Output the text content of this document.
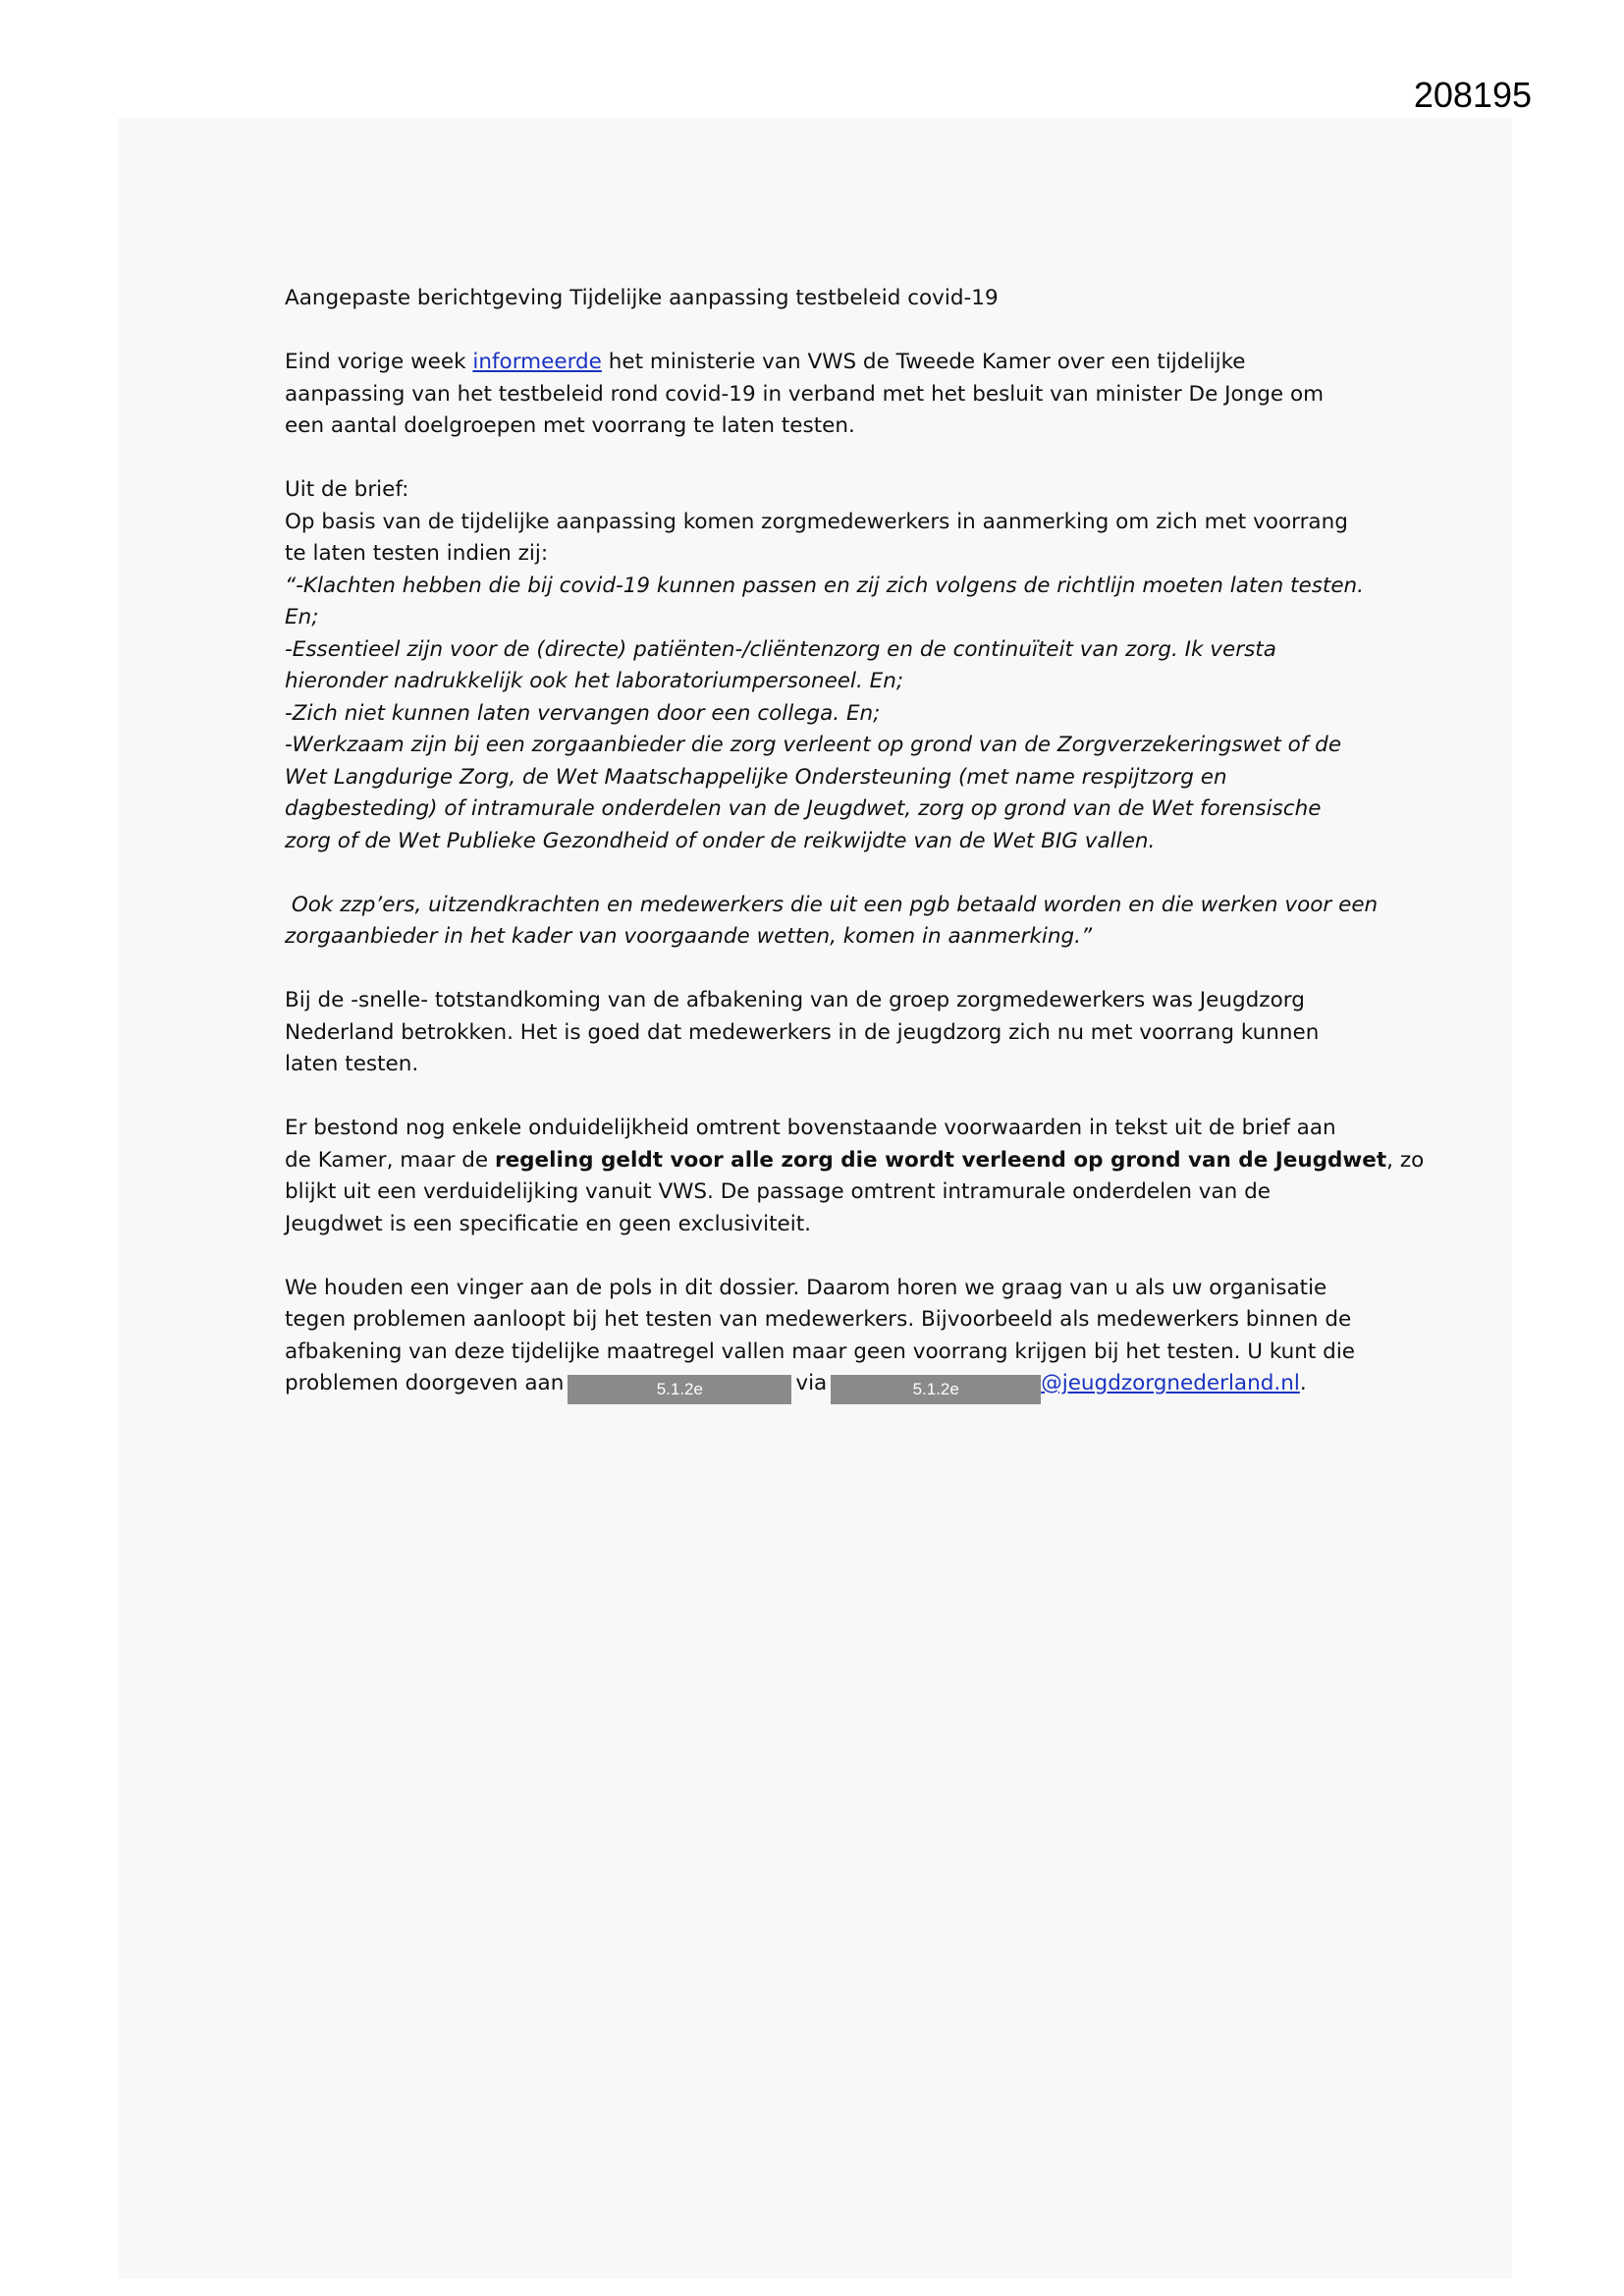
208195
Aangepaste berichtgeving Tijdelijke aanpassing testbeleid covid-19
Eind vorige week informeerde het ministerie van VWS de Tweede Kamer over een tijdelijke
aanpassing van het testbeleid rond covid-19 in verband met het besluit van minister De Jonge om
een aantal doelgroepen met voorrang te laten testen.
Uit de brief:
Op basis van de tijdelijke aanpassing komen zorgmedewerkers in aanmerking om zich met voorrang
te laten testen indien zij:
“-Klachten hebben die bij covid-19 kunnen passen en zij zich volgens de richtlijn moeten laten testen.
En;
-Essentieel zijn voor de (directe) patiënten-/cliëntenzorg en de continuïteit van zorg. Ik versta
hieronder nadrukkelijk ook het laboratoriumpersoneel. En;
-Zich niet kunnen laten vervangen door een collega. En;
-Werkzaam zijn bij een zorgaanbieder die zorg verleent op grond van de Zorgverzekeringswet of de
Wet Langdurige Zorg, de Wet Maatschappelijke Ondersteuning (met name respijtzorg en
dagbesteding) of intramurale onderdelen van de Jeugdwet, zorg op grond van de Wet forensische
zorg of de Wet Publieke Gezondheid of onder de reikwijdte van de Wet BIG vallen.
Ook zzp’ers, uitzendkrachten en medewerkers die uit een pgb betaald worden en die werken voor een
zorgaanbieder in het kader van voorgaande wetten, komen in aanmerking.”
Bij de -snelle- totstandkoming van de afbakening van de groep zorgmedewerkers was Jeugdzorg
Nederland betrokken. Het is goed dat medewerkers in de jeugdzorg zich nu met voorrang kunnen
laten testen.
Er bestond nog enkele onduidelijkheid omtrent bovenstaande voorwaarden in tekst uit de brief aan
de Kamer, maar de regeling geldt voor alle zorg die wordt verleend op grond van de Jeugdwet, zo
blijkt uit een verduidelijking vanuit VWS. De passage omtrent intramurale onderdelen van de
Jeugdwet is een specificatie en geen exclusiviteit.
We houden een vinger aan de pols in dit dossier. Daarom horen we graag van u als uw organisatie
tegen problemen aanloopt bij het testen van medewerkers. Bijvoorbeeld als medewerkers binnen de
afbakening van deze tijdelijke maatregel vallen maar geen voorrang krijgen bij het testen. U kunt die
problemen doorgeven aan	5.1.2e	via	5.1.2e	@jeugdzorgnederland.nl.
